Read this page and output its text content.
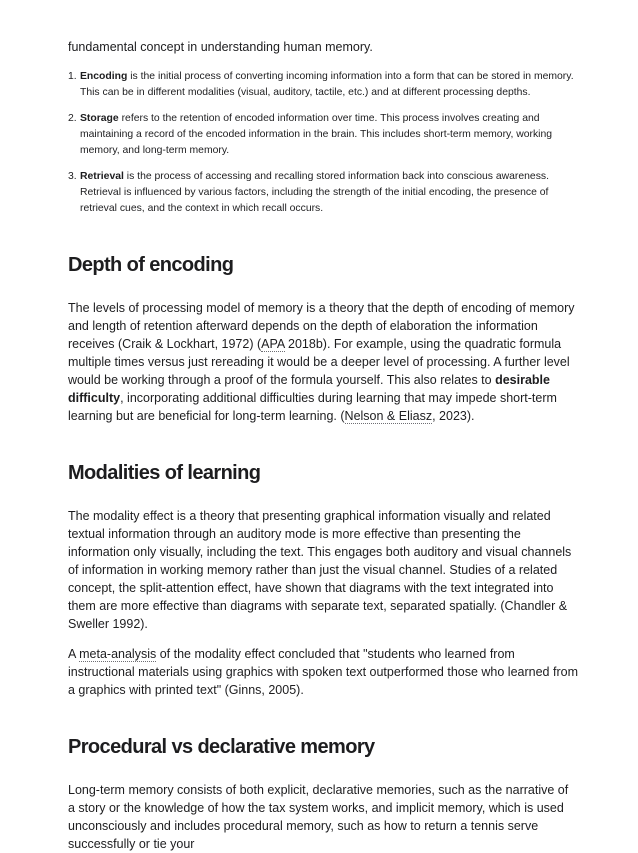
fundamental concept in understanding human memory.

1. Encoding is the initial process of converting incoming information into a form that can be stored in memory. This can be in different modalities (visual, auditory, tactile, etc.) and at different processing depths.
2. Storage refers to the retention of encoded information over time. This process involves creating and maintaining a record of the encoded information in the brain. This includes short-term memory, working memory, and long-term memory.
3. Retrieval is the process of accessing and recalling stored information back into conscious awareness. Retrieval is influenced by various factors, including the strength of the initial encoding, the presence of retrieval cues, and the context in which recall occurs.
Depth of encoding

The levels of processing model of memory is a theory that the depth of encoding of memory and length of retention afterward depends on the depth of elaboration the information receives (Craik & Lockhart, 1972) (APA 2018b). For example, using the quadratic formula multiple times versus just rereading it would be a deeper level of processing. A further level would be working through a proof of the formula yourself. This also relates to desirable difficulty, incorporating additional difficulties during learning that may impede short-term learning but are beneficial for long-term learning. (Nelson & Eliasz, 2023).

Modalities of learning

The modality effect is a theory that presenting graphical information visually and related textual information through an auditory mode is more effective than presenting the information only visually, including the text. This engages both auditory and visual channels of information in working memory rather than just the visual channel. Studies of a related concept, the split-attention effect, have shown that diagrams with the text integrated into them are more effective than diagrams with separate text, separated spatially. (Chandler & Sweller 1992).

A meta-analysis of the modality effect concluded that "students who learned from instructional materials using graphics with spoken text outperformed those who learned from a graphics with printed text" (Ginns, 2005).

Procedural vs declarative memory

Long-term memory consists of both explicit, declarative memories, such as the narrative of a story or the knowledge of how the tax system works, and implicit memory, which is used unconsciously and includes procedural memory, such as how to return a tennis serve successfully or tie your
